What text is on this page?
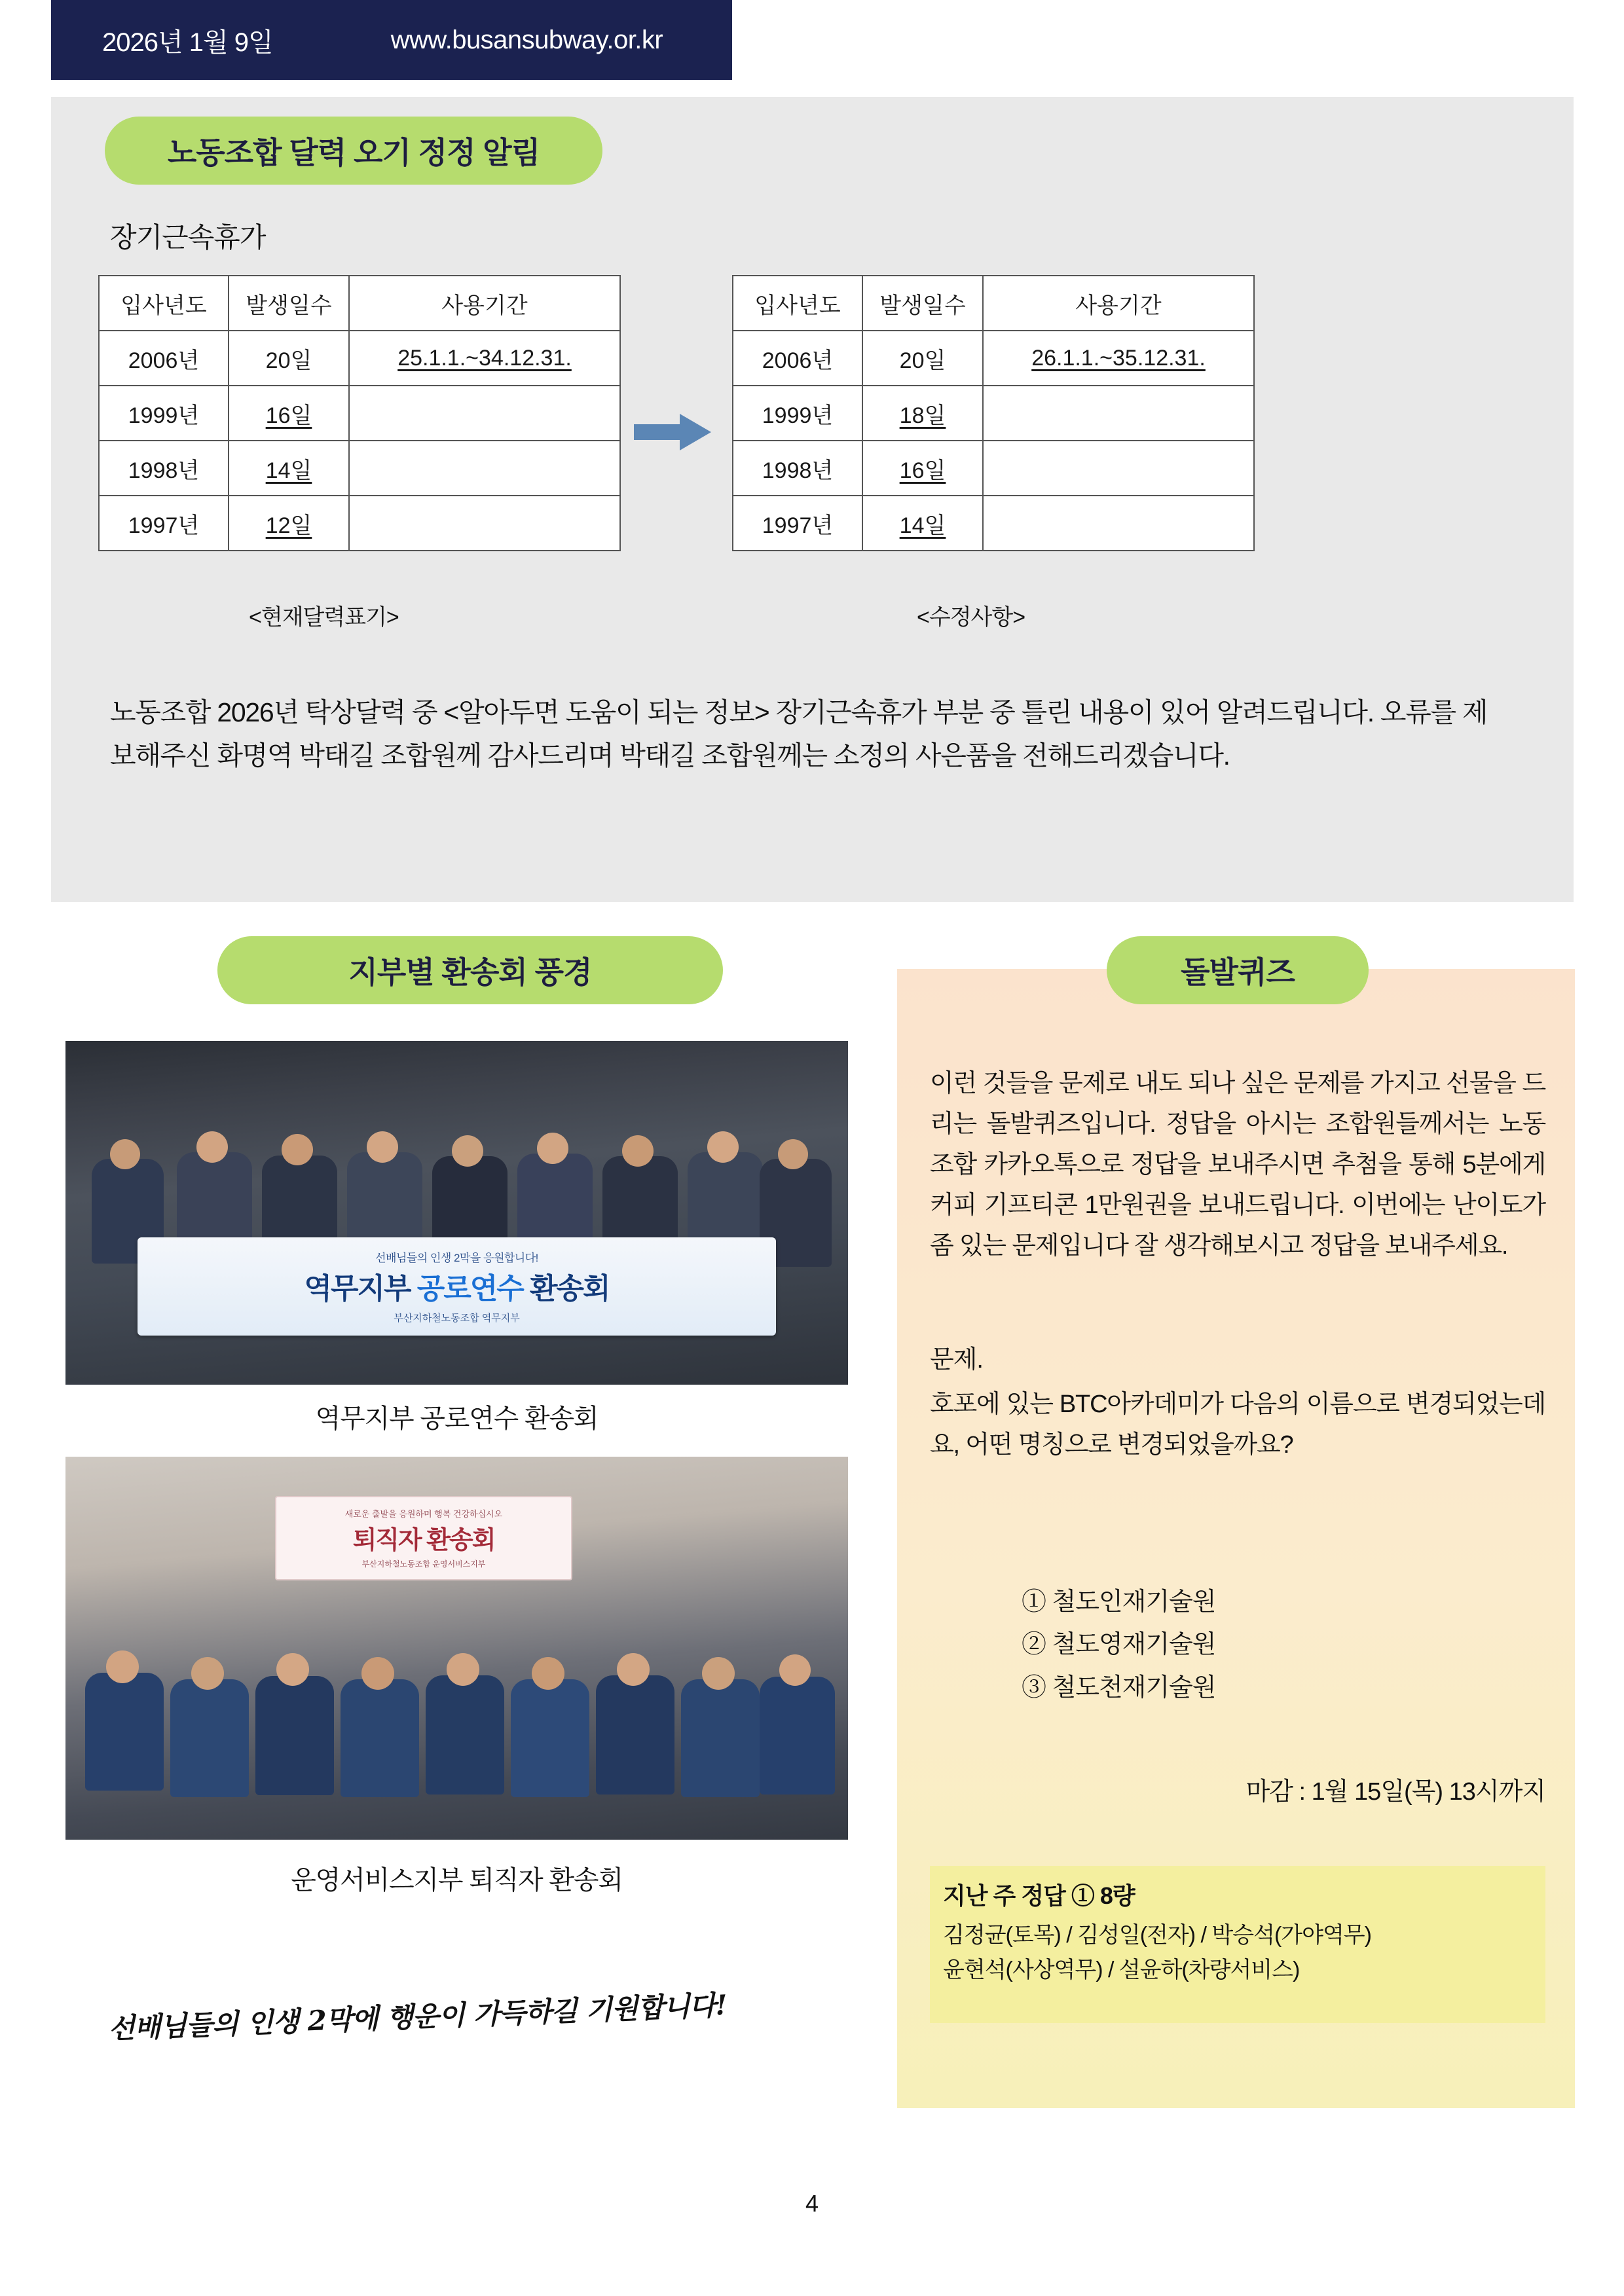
2026년 1월 9일	www.busansubway.or.kr
노동조합 달력 오기 정정 알림
장기근속휴가
입사년도	발생일수	사용기간
2006년	20일	25.1.1.~34.12.31.
1999년	16일	
1998년	14일	
1997년	12일	
입사년도	발생일수	사용기간
2006년	20일	26.1.1.~35.12.31.
1999년	18일	
1998년	16일	
1997년	14일	
<현재달력표기>	<수정사항>
노동조합 2026년 탁상달력 중 <알아두면 도움이 되는 정보> 장기근속휴가 부분 중 틀린 내용이 있어 알려드립니다. 오류를 제보해주신 화명역 박태길 조합원께 감사드리며 박태길 조합원께는 소정의 사은품을 전해드리겠습니다.
지부별 환송회 풍경
선배님들의 인생 2막을 응원합니다!
역무지부 공로연수 환송회
부산지하철노동조합 역무지부
역무지부 공로연수 환송회
새로운 출발을 응원하며 행복 건강하십시오
퇴직자 환송회
부산지하철노동조합 운영서비스지부
운영서비스지부 퇴직자 환송회
선배님들의 인생 2막에 행운이 가득하길 기원합니다!
돌발퀴즈
이런 것들을 문제로 내도 되나 싶은 문제를 가지고 선물을 드리는 돌발퀴즈입니다. 정답을 아시는 조합원들께서는 노동조합 카카오톡으로 정답을 보내주시면 추첨을 통해 5분에게 커피 기프티콘 1만원권을 보내드립니다. 이번에는 난이도가 좀 있는 문제입니다 잘 생각해보시고 정답을 보내주세요.
문제.
호포에 있는 BTC아카데미가 다음의 이름으로 변경되었는데요, 어떤 명칭으로 변경되었을까요?
① 철도인재기술원
② 철도영재기술원
③ 철도천재기술원
마감 : 1월 15일(목) 13시까지
지난 주 정답 ① 8량
김정균(토목) / 김성일(전자) / 박승석(가야역무)
윤현석(사상역무) / 설윤하(차량서비스)
4
